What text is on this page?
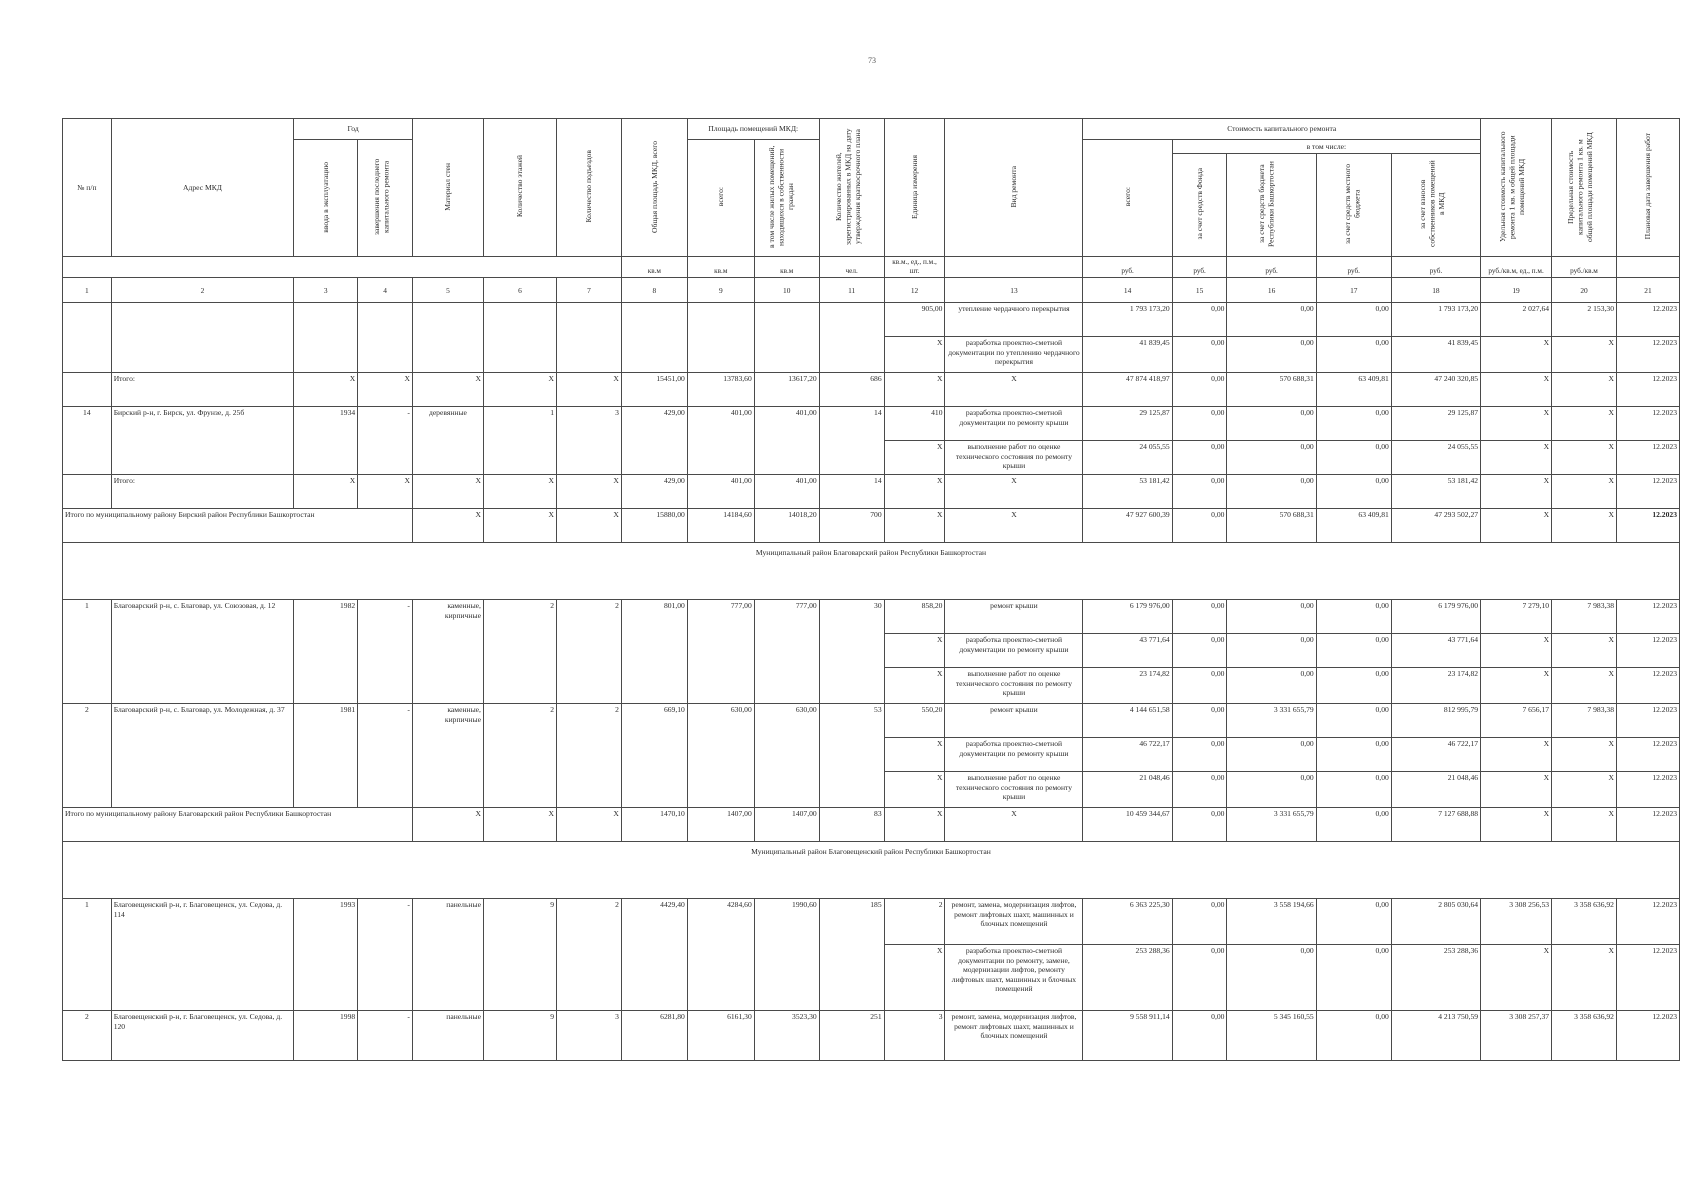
73
№ п/п	Адрес МКД	Год		Материал стен	Количество этажей	Количество подъездов	Общая площадь МКД, всего	Площадь помещений МКД:		Количество жителей, зарегистрированных в МКД на дату утверждения краткосрочного плана	Единица измерения	Вид ремонта	Стоимость капитального ремонта					Удельная стоимость капитального ремонта 1 кв. м общей площади помещений МКД	Предельная стоимость капитального ремонта 1 кв. м общей площади помещений МКД	Плановая дата завершения работ
		ввода в эксплуатацию	завершения последнего капитального ремонта					всего:	в том числе жилых помещений, находящихся в собственности граждан				всего:	в том числе:						
														за счет средств Фонда	за счет средств бюджета Республики Башкортостан	за счет средств местного бюджета	за счет взносов собственников помещений в МКД			
							кв.м	кв.м	кв.м	чел.	кв.м., ед., п.м., шт.		руб.	руб.	руб.	руб.	руб.	руб./кв.м, ед., п.м.	руб./кв.м	
1	2	3	4	5	6	7	8	9	10	11	12	13	14	15	16	17	18	19	20	21
											905,00	утепление чердачного перекрытия	1 793 173,20	0,00	0,00	0,00	1 793 173,20	2 027,64	2 153,30	12.2023
											X	разработка проектно-сметной документации по утеплению чердачного перекрытия	41 839,45	0,00	0,00	0,00	41 839,45	X	X	12.2023
	Итого:	X	X	X	X	X	15451,00	13783,60	13617,20	686	X	X	47 874 418,97	0,00	570 688,31	63 409,81	47 240 320,85	X	X	12.2023
14	Бирский р-н, г. Бирск, ул. Фрунзе, д. 25б	1934	-	деревянные	1	3	429,00	401,00	401,00	14	410	разработка проектно-сметной документации по ремонту крыши	29 125,87	0,00	0,00	0,00	29 125,87	X	X	12.2023
											X	выполнение работ по оценке технического состояния по ремонту крыши	24 055,55	0,00	0,00	0,00	24 055,55	X	X	12.2023
	Итого:	X	X	X	X	X	429,00	401,00	401,00	14	X	X	53 181,42	0,00	0,00	0,00	53 181,42	X	X	12.2023
Итого по муниципальному району Бирский район Республики Башкортостан				X	X	X	15880,00	14184,60	14018,20	700	X	X	47 927 600,39	0,00	570 688,31	63 409,81	47 293 502,27	X	X	12.2023
Муниципальный район Благоварский район Республики Башкортостан																				
1	Благоварский р-н, с. Благовар, ул. Союзовая, д. 12	1982	-	каменные, кирпичные	2	2	801,00	777,00	777,00	30	858,20	ремонт крыши	6 179 976,00	0,00	0,00	0,00	6 179 976,00	7 279,10	7 983,38	12.2023
											X	разработка проектно-сметной документации по ремонту крыши	43 771,64	0,00	0,00	0,00	43 771,64	X	X	12.2023
											X	выполнение работ по оценке технического состояния по ремонту крыши	23 174,82	0,00	0,00	0,00	23 174,82	X	X	12.2023
2	Благоварский р-н, с. Благовар, ул. Молодежная, д. 37	1981	-	каменные, кирпичные	2	2	669,10	630,00	630,00	53	550,20	ремонт крыши	4 144 651,58	0,00	3 331 655,79	0,00	812 995,79	7 656,17	7 983,38	12.2023
											X	разработка проектно-сметной документации по ремонту крыши	46 722,17	0,00	0,00	0,00	46 722,17	X	X	12.2023
											X	выполнение работ по оценке технического состояния по ремонту крыши	21 048,46	0,00	0,00	0,00	21 048,46	X	X	12.2023
Итого по муниципальному району Благоварский район Республики Башкортостан				X	X	X	1470,10	1407,00	1407,00	83	X	X	10 459 344,67	0,00	3 331 655,79	0,00	7 127 688,88	X	X	12.2023
Муниципальный район Благовещенский район Республики Башкортостан																				
1	Благовещенский р-н, г. Благовещенск, ул. Седова, д. 114	1993	-	панельные	9	2	4429,40	4284,60	1990,60	185	2	ремонт, замена, модернизация лифтов, ремонт лифтовых шахт, машинных и блочных помещений	6 363 225,30	0,00	3 558 194,66	0,00	2 805 030,64	3 308 256,53	3 358 636,92	12.2023
											X	разработка проектно-сметной документации по ремонту, замене, модернизации лифтов, ремонту лифтовых шахт, машинных и блочных помещений	253 288,36	0,00	0,00	0,00	253 288,36	X	X	12.2023
2	Благовещенский р-н, г. Благовещенск, ул. Седова, д. 120	1998	-	панельные	9	3	6281,80	6161,30	3523,30	251	3	ремонт, замена, модернизация лифтов, ремонт лифтовых шахт, машинных и блочных помещений	9 558 911,14	0,00	5 345 160,55	0,00	4 213 750,59	3 308 257,37	3 358 636,92	12.2023
